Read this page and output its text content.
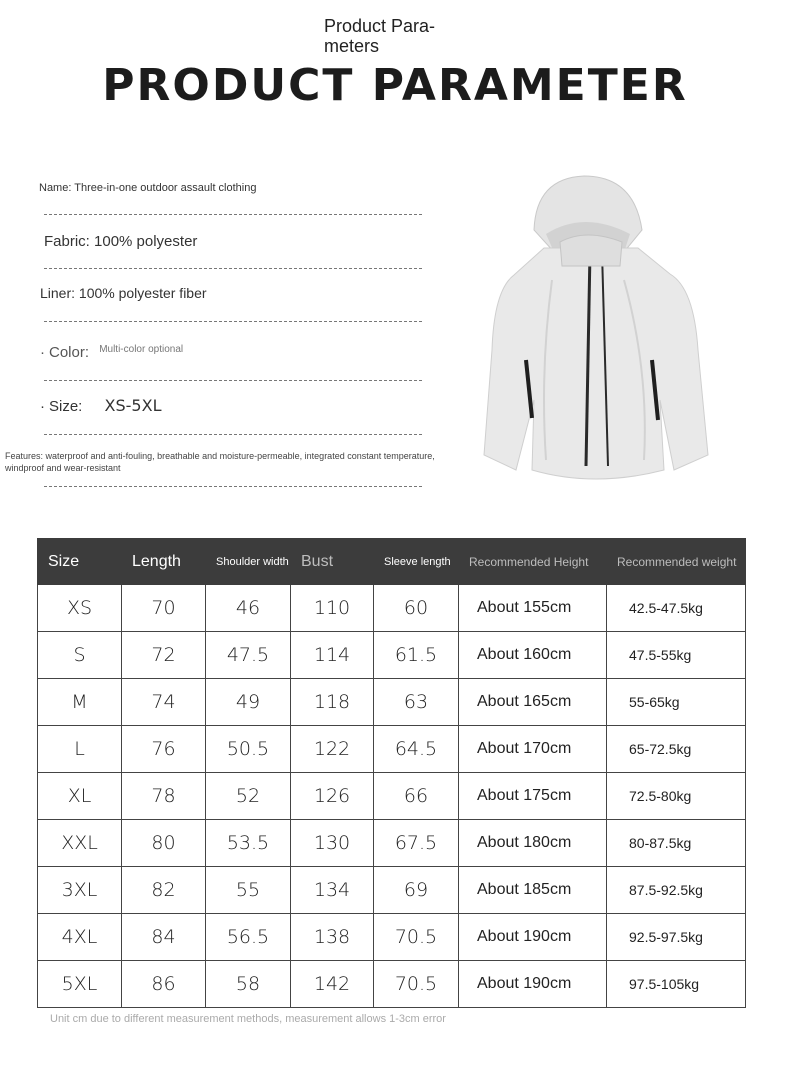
Product Para-meters
PRODUCT PARAMETER
Name: Three-in-one outdoor assault clothing
Fabric: 100% polyester
Liner: 100% polyester fiber
· Color: $^{Multi-color optional}$
· Size: XS-5XL
Features: waterproof and anti-fouling, breathable and moisture-permeable, integrated constant temperature, windproof and wear-resistant
Size	Length	Shoulder width	Bust	Sleeve length	Recommended Height	Recommended weight
XS	70	46	110	60	About 155cm	42.5-47.5kg
S	72	47.5	114	61.5	About 160cm	47.5-55kg
M	74	49	118	63	About 165cm	55-65kg
L	76	50.5	122	64.5	About 170cm	65-72.5kg
XL	78	52	126	66	About 175cm	72.5-80kg
XXL	80	53.5	130	67.5	About 180cm	80-87.5kg
3XL	82	55	134	69	About 185cm	87.5-92.5kg
4XL	84	56.5	138	70.5	About 190cm	92.5-97.5kg
5XL	86	58	142	70.5	About 190cm	97.5-105kg
Unit cm due to different measurement methods, measurement allows 1-3cm error
